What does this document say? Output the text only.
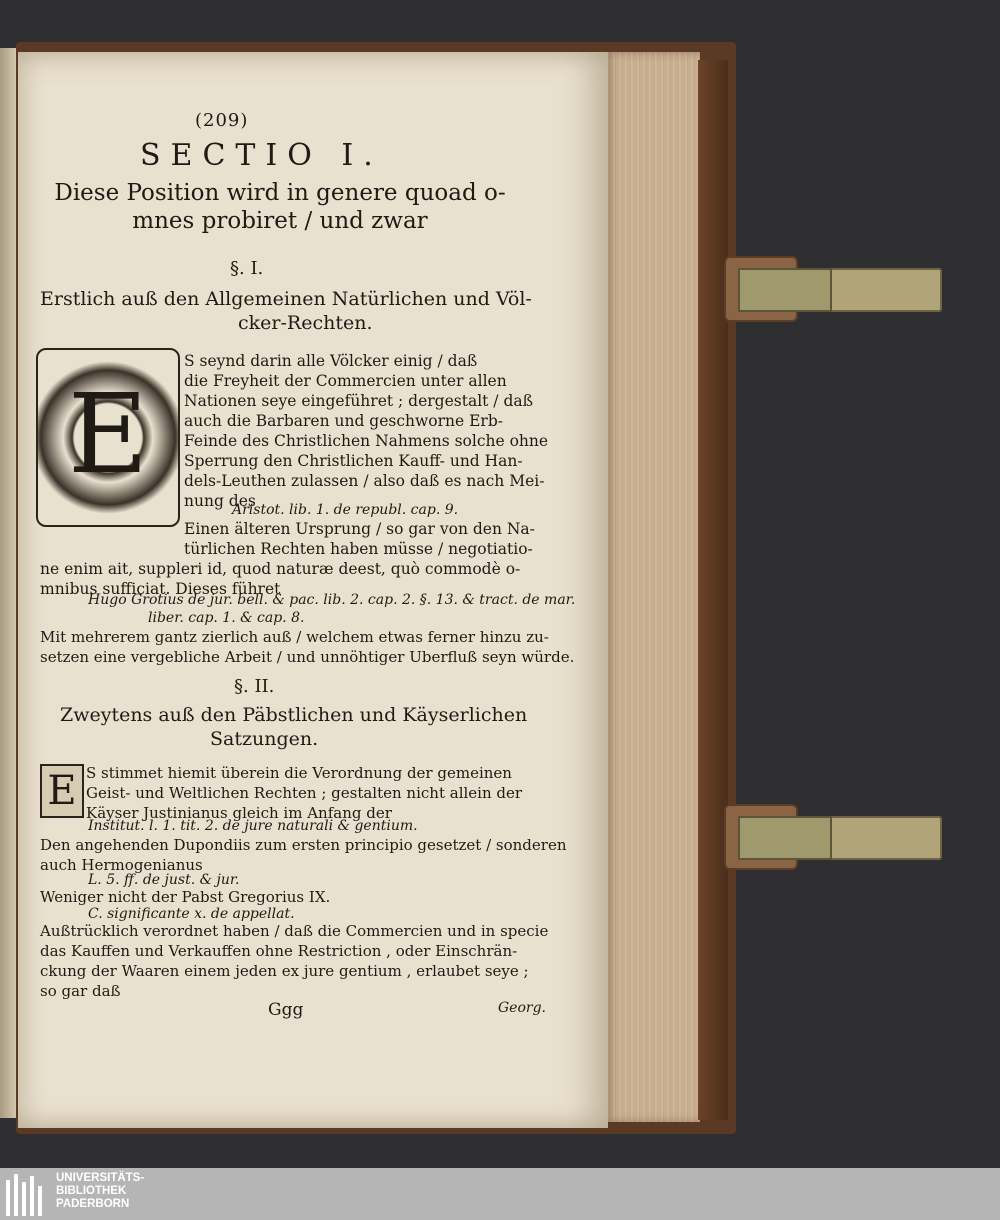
(209)
SECTIO I.
Diese Position wird in genere quoad o-
mnes probiret / und zwar
§. I.
Erstlich auß den Allgemeinen Natürlichen und Völ-
cker-Rechten.
E
S seynd darin alle Völcker einig / daß
die Freyheit der Commercien unter allen
Nationen seye eingeführet ; dergestalt / daß
auch die Barbaren und geschworne Erb-
Feinde des Christlichen Nahmens solche ohne
Sperrung den Christlichen Kauff- und Han-
dels-Leuthen zulassen / also daß es nach Mei-
nung des
Aristot. lib. 1. de republ. cap. 9.
Einen älteren Ursprung / so gar von den Na-
türlichen Rechten haben müsse / negotiatio-
ne enim ait, suppleri id, quod naturæ deest, quò commodè o-
mnibus sufficiat. Dieses führet
Hugo Grotius de jur. bell. & pac. lib. 2. cap. 2. §. 13. & tract. de mar.
liber. cap. 1. & cap. 8.
Mit mehrerem gantz zierlich auß / welchem etwas ferner hinzu zu-
setzen eine vergebliche Arbeit / und unnöhtiger Uberfluß seyn würde.
§. II.
Zweytens auß den Päbstlichen und Käyserlichen
Satzungen.
E S stimmet hiemit überein die Verordnung der gemeinen
Geist- und Weltlichen Rechten ; gestalten nicht allein der
Käyser Justinianus gleich im Anfang der
Institut. l. 1. tit. 2. de jure naturali & gentium.
Den angehenden Dupondiis zum ersten principio gesetzet / sonderen
auch Hermogenianus
L. 5. ff. de just. & jur.
Weniger nicht der Pabst Gregorius IX.
C. significante x. de appellat.
Außtrücklich verordnet haben / daß die Commercien und in specie
das Kauffen und Verkauffen ohne Restriction , oder Einschrän-
ckung der Waaren einem jeden ex jure gentium , erlaubet seye ;
so gar daß
Ggg	Georg.
UNIVERSITÄTS-
BIBLIOTHEK
PADERBORN
